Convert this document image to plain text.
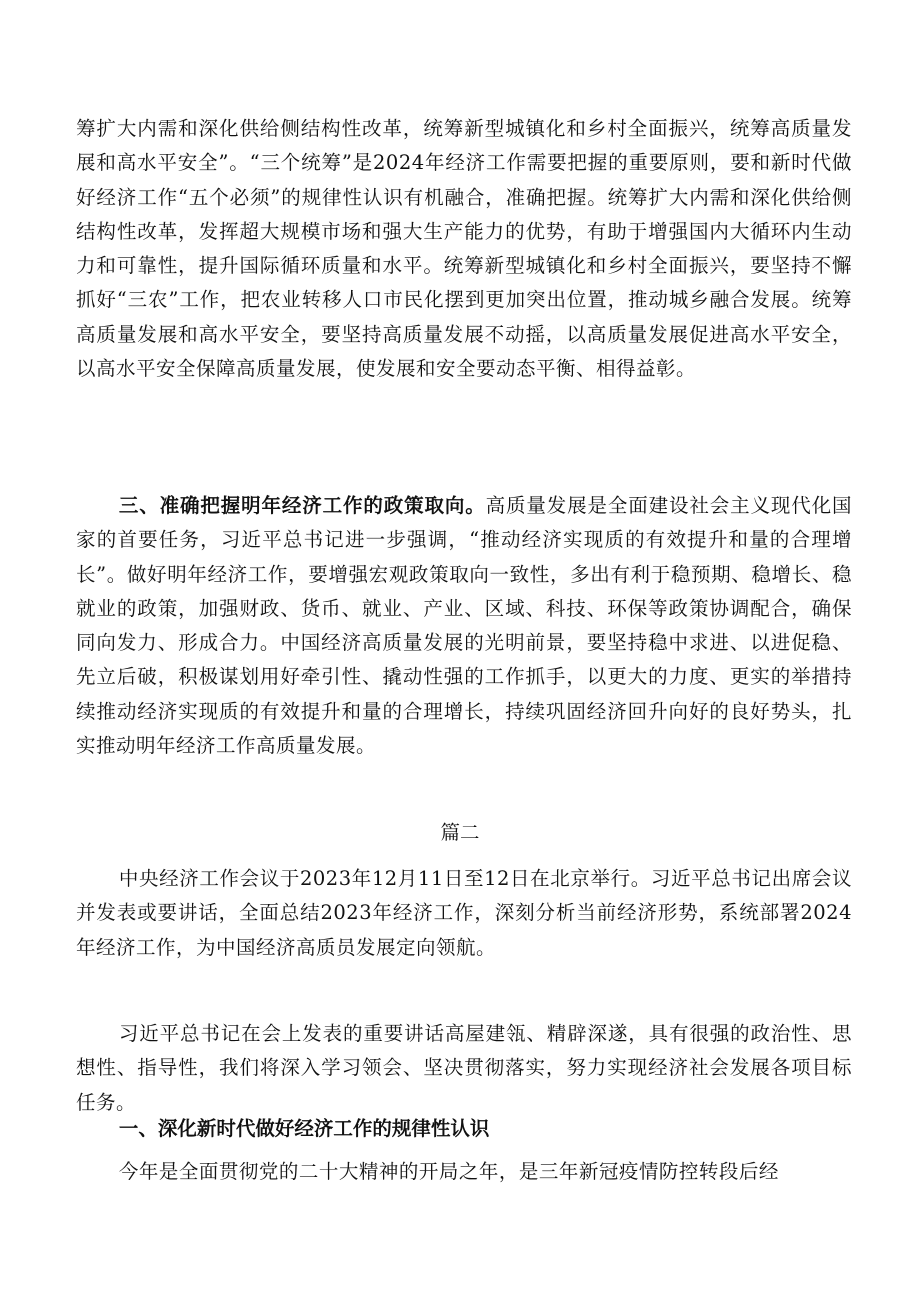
筹扩大内需和深化供给侧结构性改革，统筹新型城镇化和乡村全面振兴，统筹高质量发展和高水平安全”。“三个统筹”是2024年经济工作需要把握的重要原则，要和新时代做好经济工作“五个必须”的规律性认识有机融合，准确把握。统筹扩大内需和深化供给侧结构性改革，发挥超大规模市场和强大生产能力的优势，有助于增强国内大循环内生动力和可靠性，提升国际循环质量和水平。统筹新型城镇化和乡村全面振兴，要坚持不懈抓好“三农”工作，把农业转移人口市民化摆到更加突出位置，推动城乡融合发展。统筹高质量发展和高水平安全，要坚持高质量发展不动摇，以高质量发展促进高水平安全，以高水平安全保障高质量发展，使发展和安全要动态平衡、相得益彰。

三、准确把握明年经济工作的政策取向。高质量发展是全面建设社会主义现代化国家的首要任务，习近平总书记进一步强调，“推动经济实现质的有效提升和量的合理增长”。做好明年经济工作，要增强宏观政策取向一致性，多出有利于稳预期、稳增长、稳就业的政策，加强财政、货币、就业、产业、区域、科技、环保等政策协调配合，确保同向发力、形成合力。中国经济高质量发展的光明前景，要坚持稳中求进、以进促稳、先立后破，积极谋划用好牵引性、撬动性强的工作抓手，以更大的力度、更实的举措持续推动经济实现质的有效提升和量的合理增长，持续巩固经济回升向好的良好势头，扎实推动明年经济工作高质量发展。

篇二

中央经济工作会议于2023年12月11日至12日在北京举行。习近平总书记出席会议并发表或要讲话，全面总结2023年经济工作，深刻分析当前经济形势，系统部署2024年经济工作，为中国经济高质员发展定向领航。

习近平总书记在会上发表的重要讲话高屋建瓴、精辟深遂，具有很强的政治性、思想性、指导性，我们将深入学习领会、坚决贯彻落实，努力实现经济社会发展各项目标任务。

一、深化新时代做好经济工作的规律性认识

今年是全面贯彻党的二十大精神的开局之年，是三年新冠疫情防控转段后经
